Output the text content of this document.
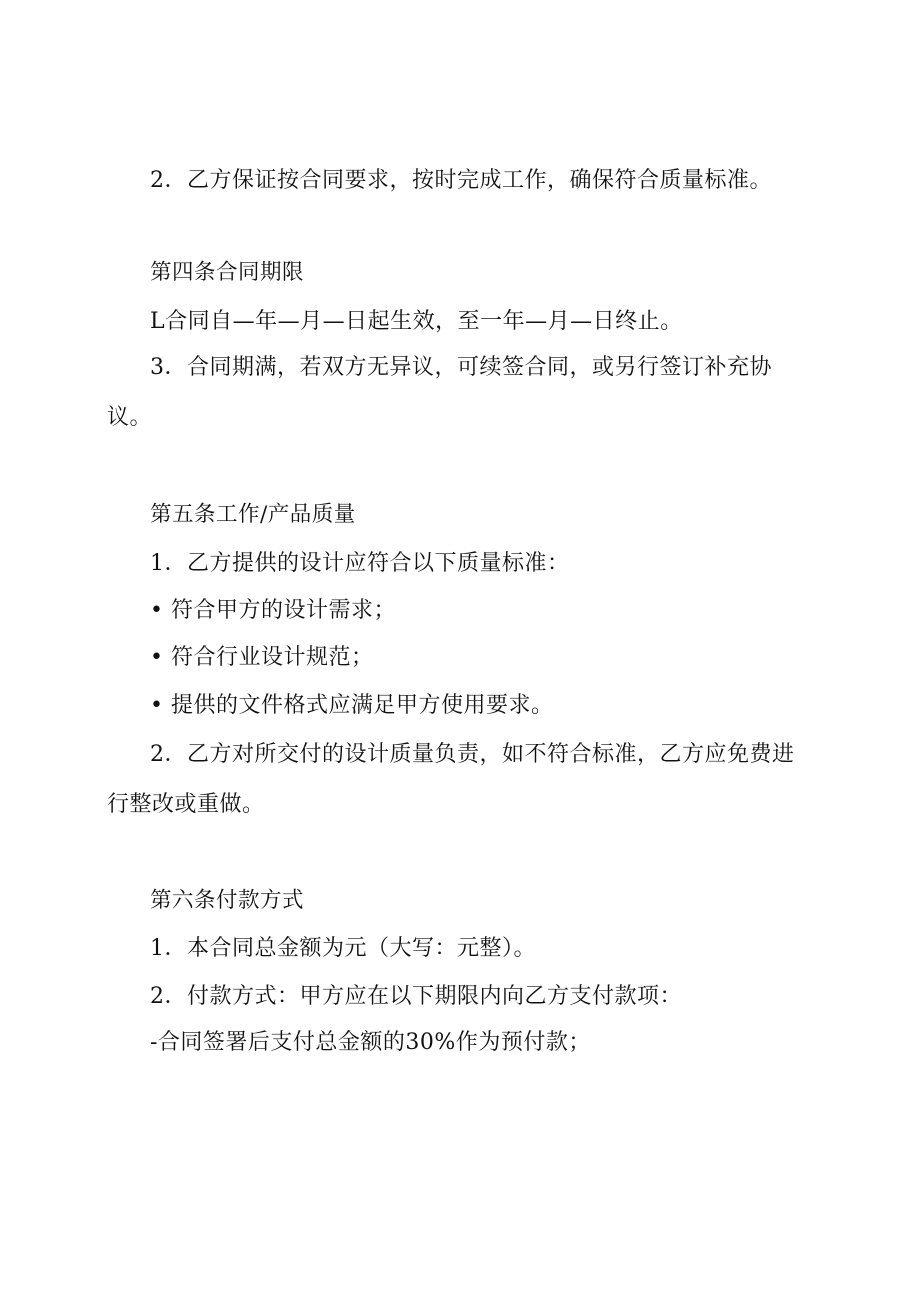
2．乙方保证按合同要求，按时完成工作，确保符合质量标准。
第四条合同期限
L合同自—年—月—日起生效，至一年—月—日终止。
3．合同期满，若双方无异议，可续签合同，或另行签订补充协
议。
第五条工作/产品质量
1．乙方提供的设计应符合以下质量标准：
• 符合甲方的设计需求；
• 符合行业设计规范；
• 提供的文件格式应满足甲方使用要求。
2．乙方对所交付的设计质量负责，如不符合标准，乙方应免费进
行整改或重做。
第六条付款方式
1．本合同总金额为元（大写：元整）。
2．付款方式：甲方应在以下期限内向乙方支付款项：
-合同签署后支付总金额的30%作为预付款；
